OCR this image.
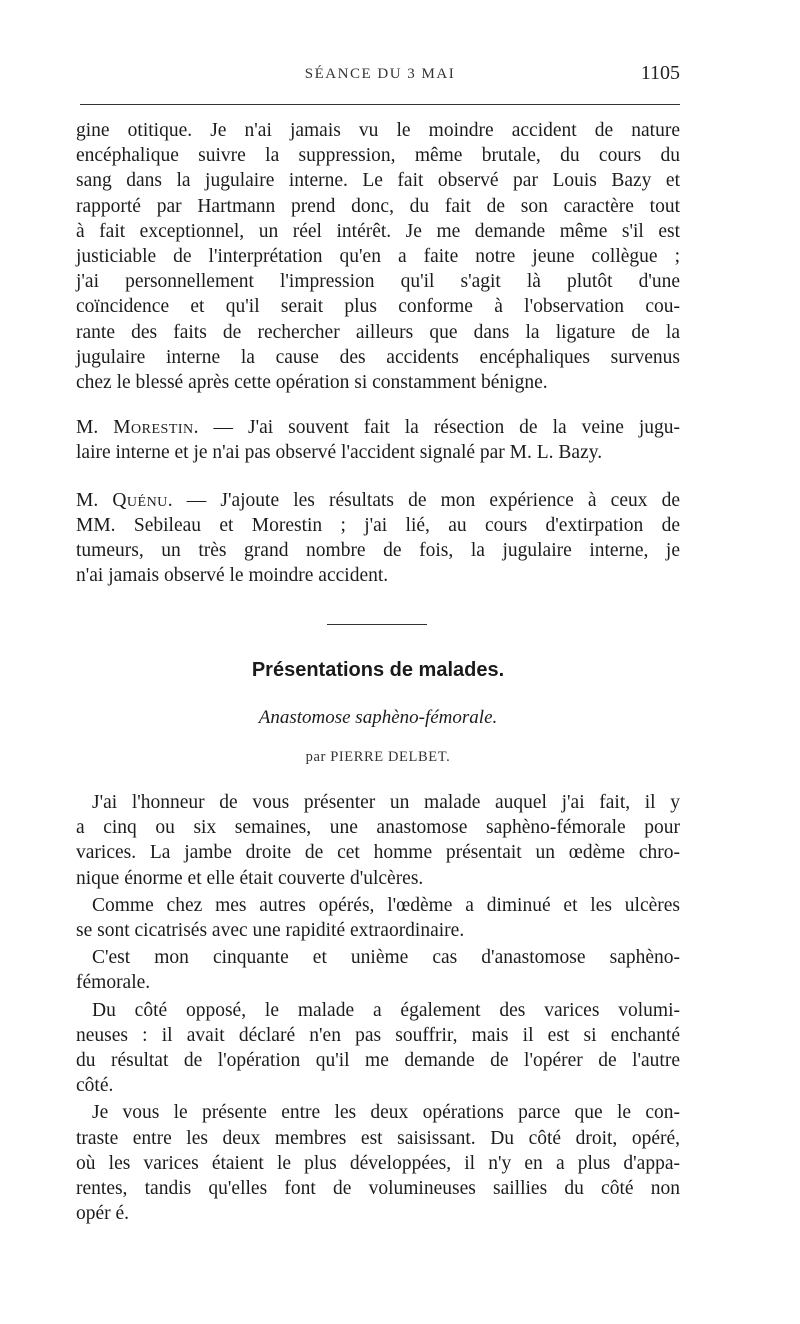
SÉANCE DU 3 MAI	1105

gine otitique. Je n'ai jamais vu le moindre accident de nature
encéphalique suivre la suppression, même brutale, du cours du
sang dans la jugulaire interne. Le fait observé par Louis Bazy et
rapporté par Hartmann prend donc, du fait de son caractère tout
à fait exceptionnel, un réel intérêt. Je me demande même s'il est
justiciable de l'interprétation qu'en a faite notre jeune collègue ;
j'ai personnellement l'impression qu'il s'agit là plutôt d'une
coïncidence et qu'il serait plus conforme à l'observation cou-
rante des faits de rechercher ailleurs que dans la ligature de la
jugulaire interne la cause des accidents encéphaliques survenus
chez le blessé après cette opération si constamment bénigne.

M. Morestin. — J'ai souvent fait la résection de la veine jugu-
laire interne et je n'ai pas observé l'accident signalé par M. L. Bazy.

M. Quénu. — J'ajoute les résultats de mon expérience à ceux de
MM. Sebileau et Morestin ; j'ai lié, au cours d'extirpation de
tumeurs, un très grand nombre de fois, la jugulaire interne, je
n'ai jamais observé le moindre accident.

Présentations de malades.
Anastomose saphèno-fémorale.
par PIERRE DELBET.

J'ai l'honneur de vous présenter un malade auquel j'ai fait, il y
a cinq ou six semaines, une anastomose saphèno-fémorale pour
varices. La jambe droite de cet homme présentait un œdème chro-
nique énorme et elle était couverte d'ulcères.

Comme chez mes autres opérés, l'œdème a diminué et les ulcères
se sont cicatrisés avec une rapidité extraordinaire.

C'est mon cinquante et unième cas d'anastomose saphèno-
fémorale.

Du côté opposé, le malade a également des varices volumi-
neuses : il avait déclaré n'en pas souffrir, mais il est si enchanté
du résultat de l'opération qu'il me demande de l'opérer de l'autre
côté.

Je vous le présente entre les deux opérations parce que le con-
traste entre les deux membres est saisissant. Du côté droit, opéré,
où les varices étaient le plus développées, il n'y en a plus d'appa-
rentes, tandis qu'elles font de volumineuses saillies du côté non
opér é.
